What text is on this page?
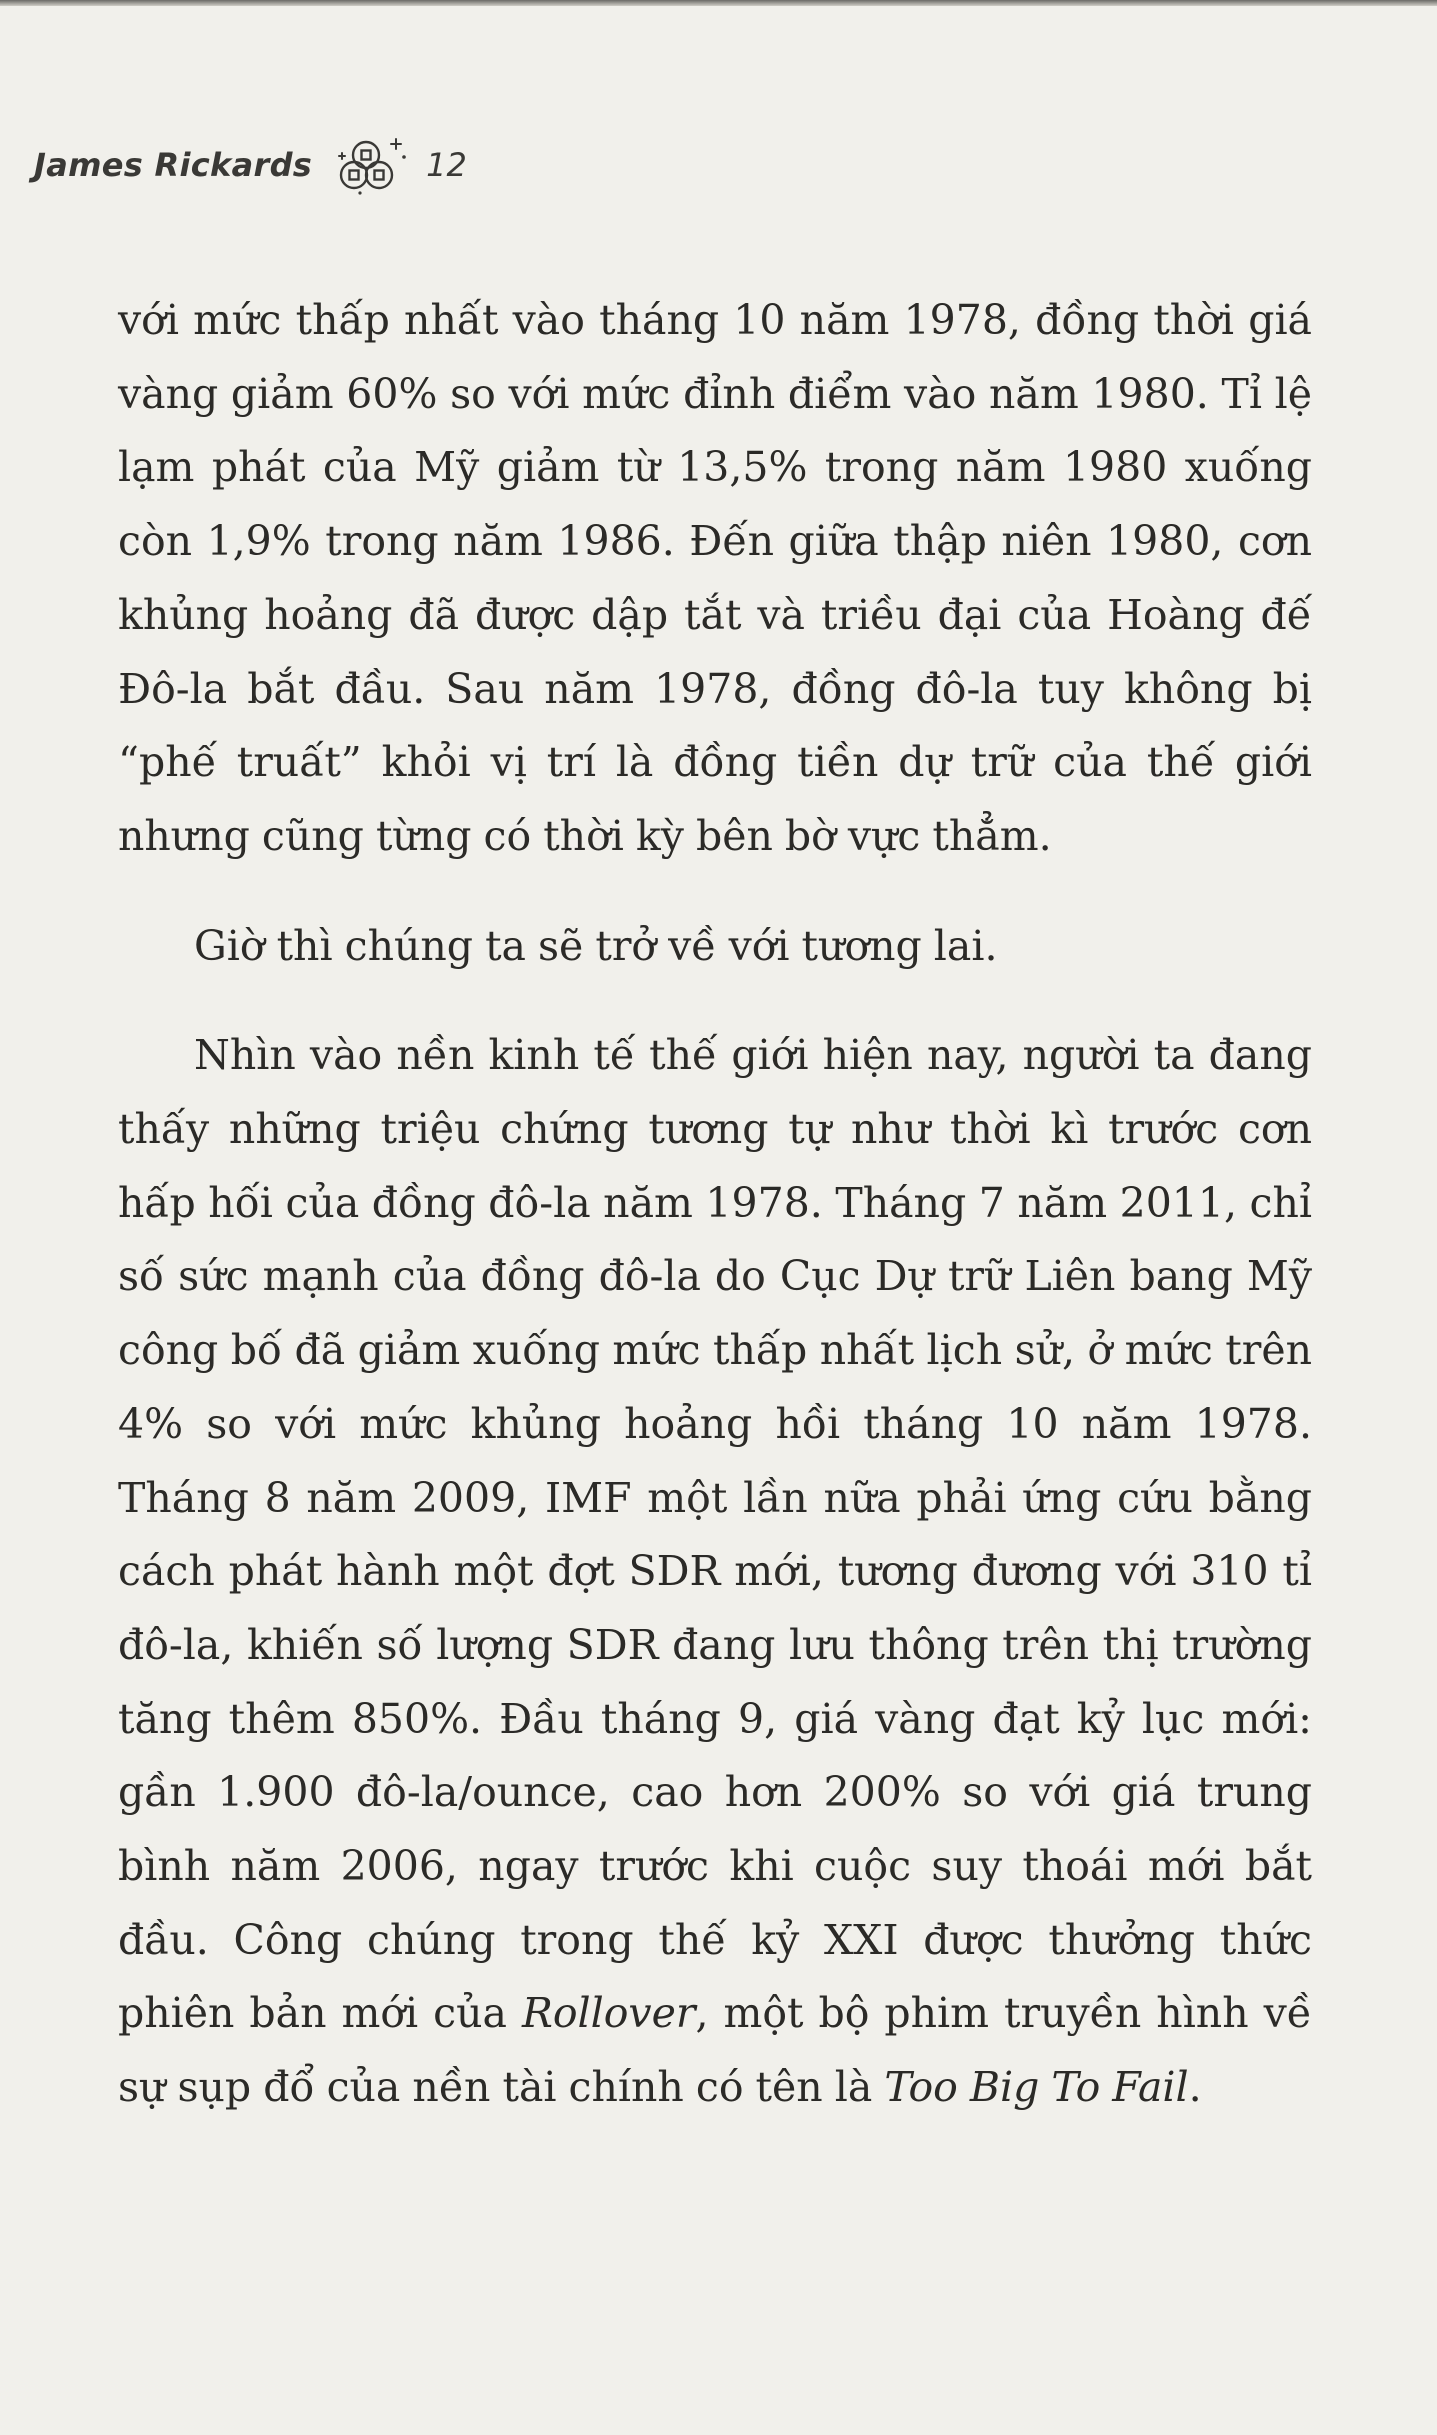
James Rickards	12

với mức thấp nhất vào tháng 10 năm 1978, đồng thời giá vàng giảm 60% so với mức đỉnh điểm vào năm 1980. Tỉ lệ lạm phát của Mỹ giảm từ 13,5% trong năm 1980 xuống còn 1,9% trong năm 1986. Đến giữa thập niên 1980, cơn khủng hoảng đã được dập tắt và triều đại của Hoàng đế Đô-la bắt đầu. Sau năm 1978, đồng đô-la tuy không bị “phế truất” khỏi vị trí là đồng tiền dự trữ của thế giới nhưng cũng từng có thời kỳ bên bờ vực thẳm.

Giờ thì chúng ta sẽ trở về với tương lai.

Nhìn vào nền kinh tế thế giới hiện nay, người ta đang thấy những triệu chứng tương tự như thời kì trước cơn hấp hối của đồng đô-la năm 1978. Tháng 7 năm 2011, chỉ số sức mạnh của đồng đô-la do Cục Dự trữ Liên bang Mỹ công bố đã giảm xuống mức thấp nhất lịch sử, ở mức trên 4% so với mức khủng hoảng hồi tháng 10 năm 1978. Tháng 8 năm 2009, IMF một lần nữa phải ứng cứu bằng cách phát hành một đợt SDR mới, tương đương với 310 tỉ đô-la, khiến số lượng SDR đang lưu thông trên thị trường tăng thêm 850%. Đầu tháng 9, giá vàng đạt kỷ lục mới: gần 1.900 đô-la/ounce, cao hơn 200% so với giá trung bình năm 2006, ngay trước khi cuộc suy thoái mới bắt đầu. Công chúng trong thế kỷ XXI được thưởng thức phiên bản mới của Rollover, một bộ phim truyền hình về sự sụp đổ của nền tài chính có tên là Too Big To Fail.
